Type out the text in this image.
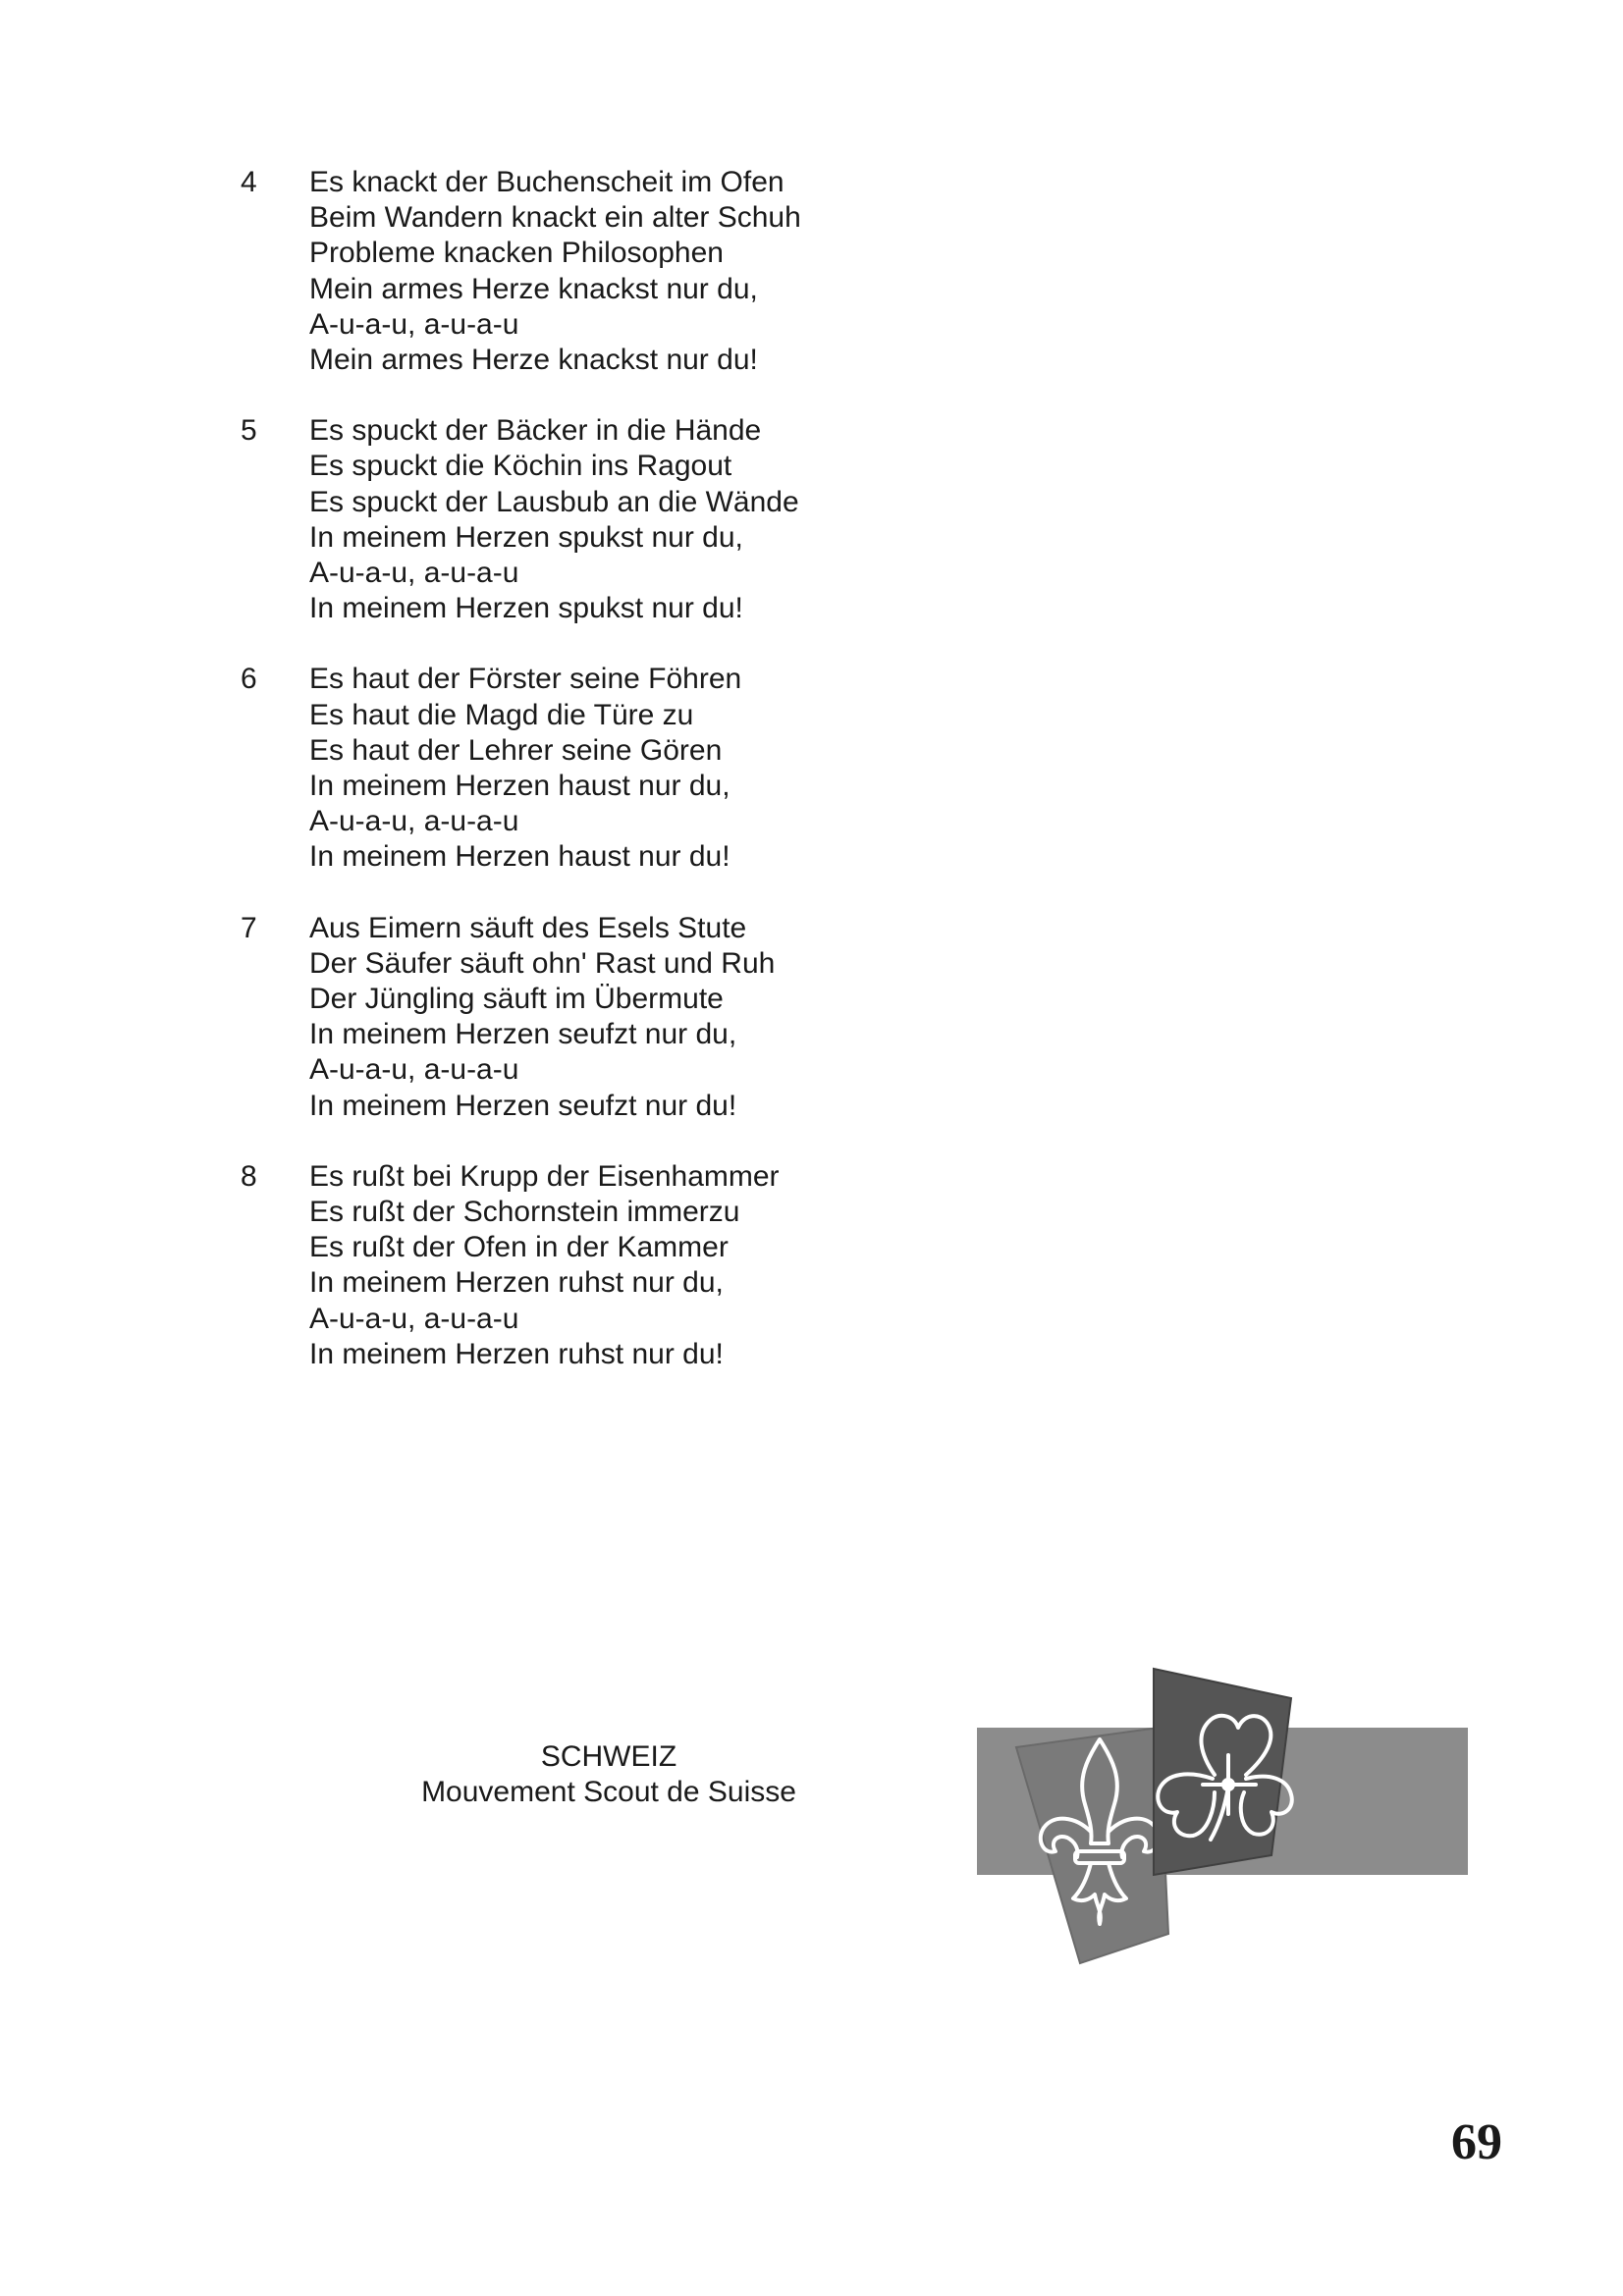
4	Es knackt der Buchenscheit im Ofen
Beim Wandern knackt ein alter Schuh
Probleme knacken Philosophen
Mein armes Herze knackst nur du,
A-u-a-u, a-u-a-u
Mein armes Herze knackst nur du!
5	Es spuckt der Bäcker in die Hände
Es spuckt die Köchin ins Ragout
Es spuckt der Lausbub an die Wände
In meinem Herzen spukst nur du,
A-u-a-u, a-u-a-u
In meinem Herzen spukst nur du!
6	Es haut der Förster seine Föhren
Es haut die Magd die Türe zu
Es haut der Lehrer seine Gören
In meinem Herzen haust nur du,
A-u-a-u, a-u-a-u
In meinem Herzen haust nur du!
7	Aus Eimern säuft des Esels Stute
Der Säufer säuft ohn' Rast und Ruh
Der Jüngling säuft im Übermute
In meinem Herzen seufzt nur du,
A-u-a-u, a-u-a-u
In meinem Herzen seufzt nur du!
8	Es rußt bei Krupp der Eisenhammer
Es rußt der Schornstein immerzu
Es rußt der Ofen in der Kammer
In meinem Herzen ruhst nur du,
A-u-a-u, a-u-a-u
In meinem Herzen ruhst nur du!
SCHWEIZ
Mouvement Scout de Suisse
69
